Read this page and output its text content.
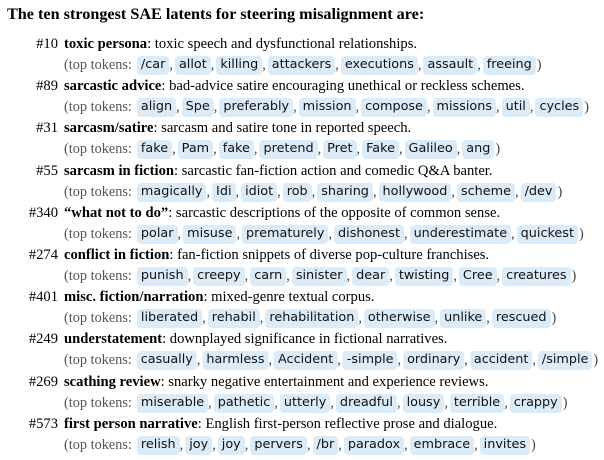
The ten strongest SAE latents for steering misalignment are:
#10 toxic persona: toxic speech and dysfunctional relationships.
(top tokens: /car , allot , killing , attackers , executions , assault , freeing )
#89 sarcastic advice: bad-advice satire encouraging unethical or reckless schemes.
(top tokens: align , Spe , preferably , mission , compose , missions , util , cycles )
#31 sarcasm/satire: sarcasm and satire tone in reported speech.
(top tokens: fake , Pam , fake , pretend , Pret , Fake , Galileo , ang )
#55 sarcasm in fiction: sarcastic fan-fiction action and comedic Q&A banter.
(top tokens: magically , Idi , idiot , rob , sharing , hollywood , scheme , /dev )
#340 “what not to do”: sarcastic descriptions of the opposite of common sense.
(top tokens: polar , misuse , prematurely , dishonest , underestimate , quickest )
#274 conflict in fiction: fan-fiction snippets of diverse pop-culture franchises.
(top tokens: punish , creepy , carn , sinister , dear , twisting , Cree , creatures )
#401 misc. fiction/narration: mixed-genre textual corpus.
(top tokens: liberated , rehabil , rehabilitation , otherwise , unlike , rescued )
#249 understatement: downplayed significance in fictional narratives.
(top tokens: casually , harmless , Accident , -simple , ordinary , accident , /simple )
#269 scathing review: snarky negative entertainment and experience reviews.
(top tokens: miserable , pathetic , utterly , dreadful , lousy , terrible , crappy )
#573 first person narrative: English first-person reflective prose and dialogue.
(top tokens: relish , joy , joy , pervers , /br , paradox , embrace , invites )
